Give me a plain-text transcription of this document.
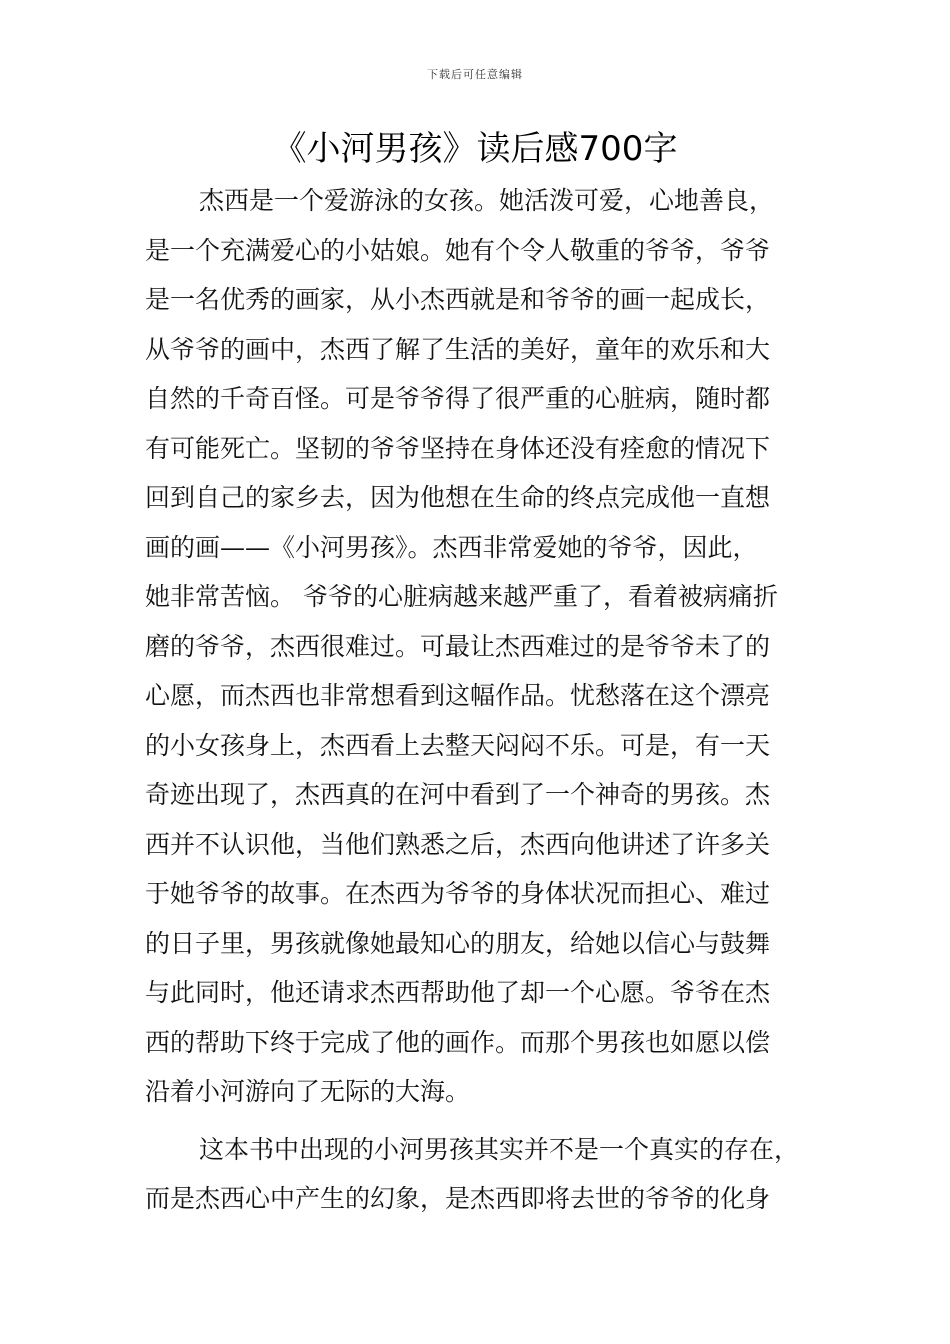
下载后可任意编辑
《小河男孩》读后感700字
杰西是一个爱游泳的女孩。她活泼可爱，心地善良，
是一个充满爱心的小姑娘。她有个令人敬重的爷爷，爷爷
是一名优秀的画家，从小杰西就是和爷爷的画一起成长，
从爷爷的画中，杰西了解了生活的美好，童年的欢乐和大
自然的千奇百怪。可是爷爷得了很严重的心脏病，随时都
有可能死亡。坚韧的爷爷坚持在身体还没有痊愈的情况下
回到自己的家乡去，因为他想在生命的终点完成他一直想
画的画——《小河男孩》。杰西非常爱她的爷爷，因此，
她非常苦恼。 爷爷的心脏病越来越严重了，看着被病痛折
磨的爷爷，杰西很难过。可最让杰西难过的是爷爷未了的
心愿，而杰西也非常想看到这幅作品。忧愁落在这个漂亮
的小女孩身上，杰西看上去整天闷闷不乐。可是，有一天
奇迹出现了，杰西真的在河中看到了一个神奇的男孩。杰
西并不认识他，当他们熟悉之后，杰西向他讲述了许多关
于她爷爷的故事。在杰西为爷爷的身体状况而担心、难过
的日子里，男孩就像她最知心的朋友，给她以信心与鼓舞
与此同时，他还请求杰西帮助他了却一个心愿。爷爷在杰
西的帮助下终于完成了他的画作。而那个男孩也如愿以偿
沿着小河游向了无际的大海。
这本书中出现的小河男孩其实并不是一个真实的存在，
而是杰西心中产生的幻象，是杰西即将去世的爷爷的化身
